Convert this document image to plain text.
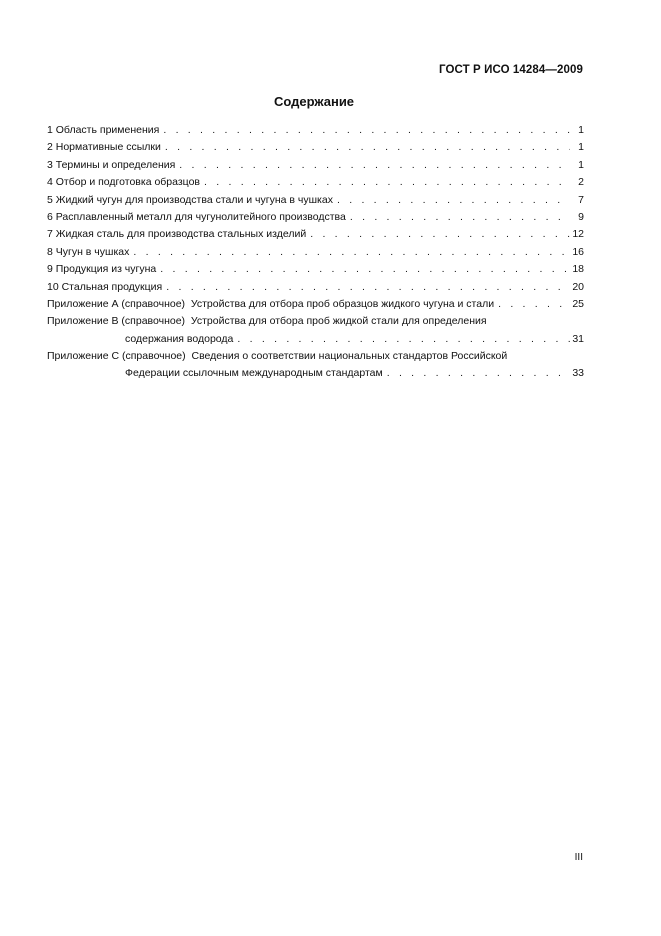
ГОСТ Р ИСО 14284—2009
Содержание
1 Область применения . . .	1
2 Нормативные ссылки . . .	1
3 Термины и определения . . .	1
4 Отбор и подготовка образцов . . .	2
5 Жидкий чугун для производства стали и чугуна в чушках . . .	7
6 Расплавленный металл для чугунолитейного производства . . .	9
7 Жидкая сталь для производства стальных изделий . . .	12
8 Чугун в чушках . . .	16
9 Продукция из чугуна . . .	18
10 Стальная продукция . . .	20
Приложение А (справочное) Устройства для отбора проб образцов жидкого чугуна и стали . . .	25
Приложение В (справочное) Устройства для отбора проб жидкой стали для определения
содержания водорода . . .	31
Приложение С (справочное) Сведения о соответствии национальных стандартов Российской
Федерации ссылочным международным стандартам . . .	33
III
